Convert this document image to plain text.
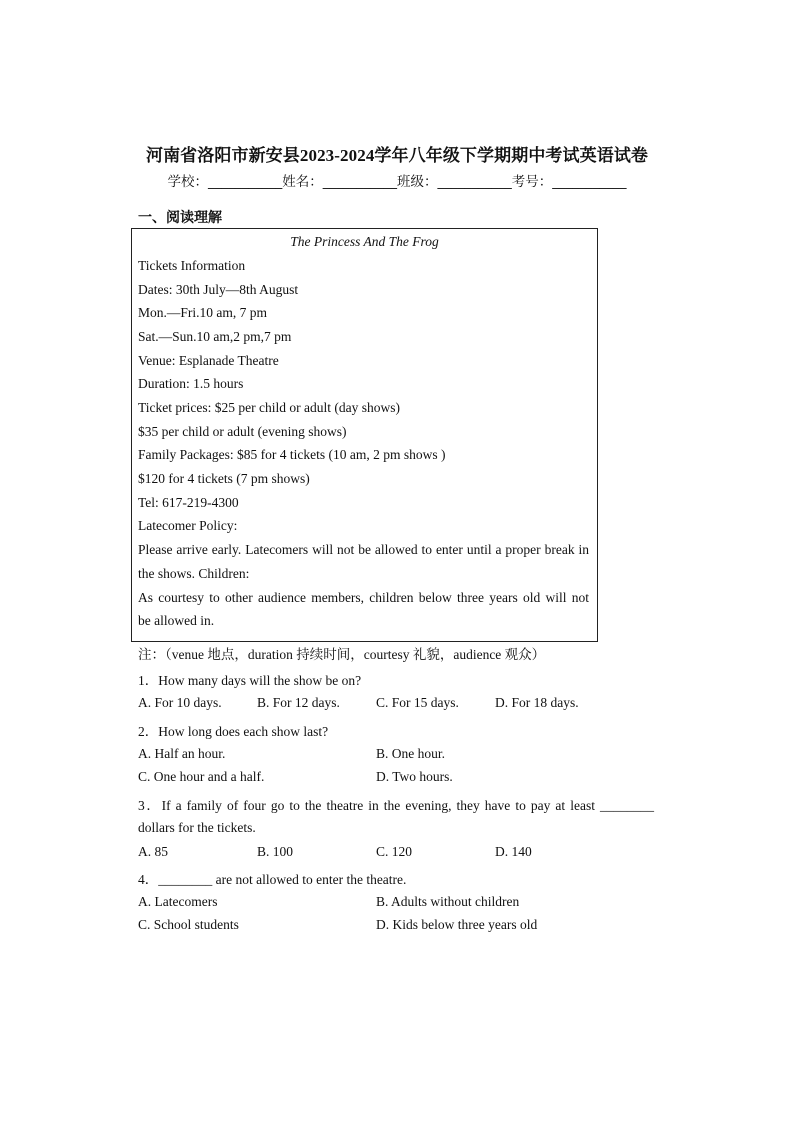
河南省洛阳市新安县2023-2024学年八年级下学期期中考试英语试卷
学校：___________姓名：___________班级：___________考号：___________
一、阅读理解
The Princess And The Frog
Tickets Information
Dates: 30th July—8th August
Mon.—Fri.10 am, 7 pm
Sat.—Sun.10 am,2 pm,7 pm
Venue: Esplanade Theatre
Duration: 1.5 hours
Ticket prices: $25 per child or adult (day shows)
$35 per child or adult (evening shows)
Family Packages: $85 for 4 tickets (10 am, 2 pm shows )
$120 for 4 tickets (7 pm shows)
Tel: 617-219-4300
Latecomer Policy:
Please arrive early. Latecomers will not be allowed to enter until a proper break in
the shows. Children:
As courtesy to other audience members, children below three years old will not
be allowed in.
注：（venue 地点，duration 持续时间，courtesy 礼貌，audience 观众）
1．How many days will the show be on?
A. For 10 days.	B. For 12 days.	C. For 15 days.	D. For 18 days.
2．How long does each show last?
A. Half an hour.	B. One hour.
C. One hour and a half.	D. Two hours.
3．If a family of four go to the theatre in the evening, they have to pay at least ________
dollars for the tickets.
A. 85	B. 100	C. 120	D. 140
4．________ are not allowed to enter the theatre.
A. Latecomers	B. Adults without children
C. School students	D. Kids below three years old
